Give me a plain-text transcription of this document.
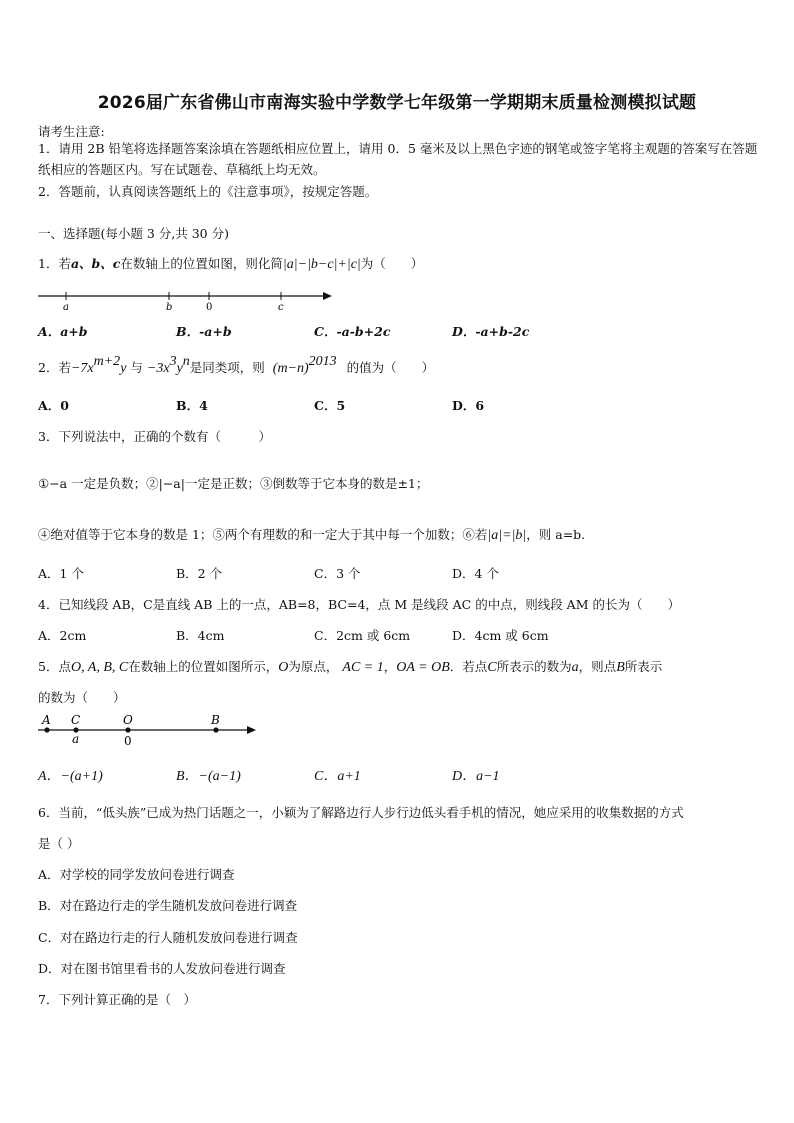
2026届广东省佛山市南海实验中学数学七年级第一学期期末质量检测模拟试题
请考生注意:
1．请用 2B 铅笔将选择题答案涂填在答题纸相应位置上，请用 0．5 毫米及以上黑色字迹的钢笔或签字笔将主观题的答案写在答题纸相应的答题区内。写在试题卷、草稿纸上均无效。
2．答题前，认真阅读答题纸上的《注意事项》，按规定答题。
一、选择题(每小题 3 分,共 30 分)
1．若a、b、c在数轴上的位置如图，则化简|a|−|b−c|+|c|为（　　）
a	b	0	c
A．a+b	B．-a+b	C．-a-b+2c	D．-a+b-2c
2．若−7xm+2y 与 −3x3yn是同类项，则 (m−n)2013 的值为（　　）
A．0	B．4	C．5	D．6
3．下列说法中，正确的个数有（　　　）
①−a 一定是负数；②|−a|一定是正数；③倒数等于它本身的数是±1；
④绝对值等于它本身的数是 1；⑤两个有理数的和一定大于其中每一个加数；⑥若|a|=|b|，则 a=b.
A．1 个	B．2 个	C．3 个	D．4 个
4．已知线段 AB，C是直线 AB 上的一点，AB=8，BC=4，点 M 是线段 AC 的中点，则线段 AM 的长为（　　）
A．2cm	B．4cm	C．2cm 或 6cm	D．4cm 或 6cm
5．点O, A, B, C在数轴上的位置如图所示，O为原点， AC = 1，OA = OB．若点C所表示的数为a，则点B所表示
的数为（　　）
A C	O	B
a	0
A．−(a+1)	B．−(a−1)	C．a+1	D．a−1
6．当前，“低头族”已成为热门话题之一，小颖为了解路边行人步行边低头看手机的情况，她应采用的收集数据的方式
是（ ）
A．对学校的同学发放问卷进行调查
B．对在路边行走的学生随机发放问卷进行调查
C．对在路边行走的行人随机发放问卷进行调查
D．对在图书馆里看书的人发放问卷进行调查
7．下列计算正确的是（　）
